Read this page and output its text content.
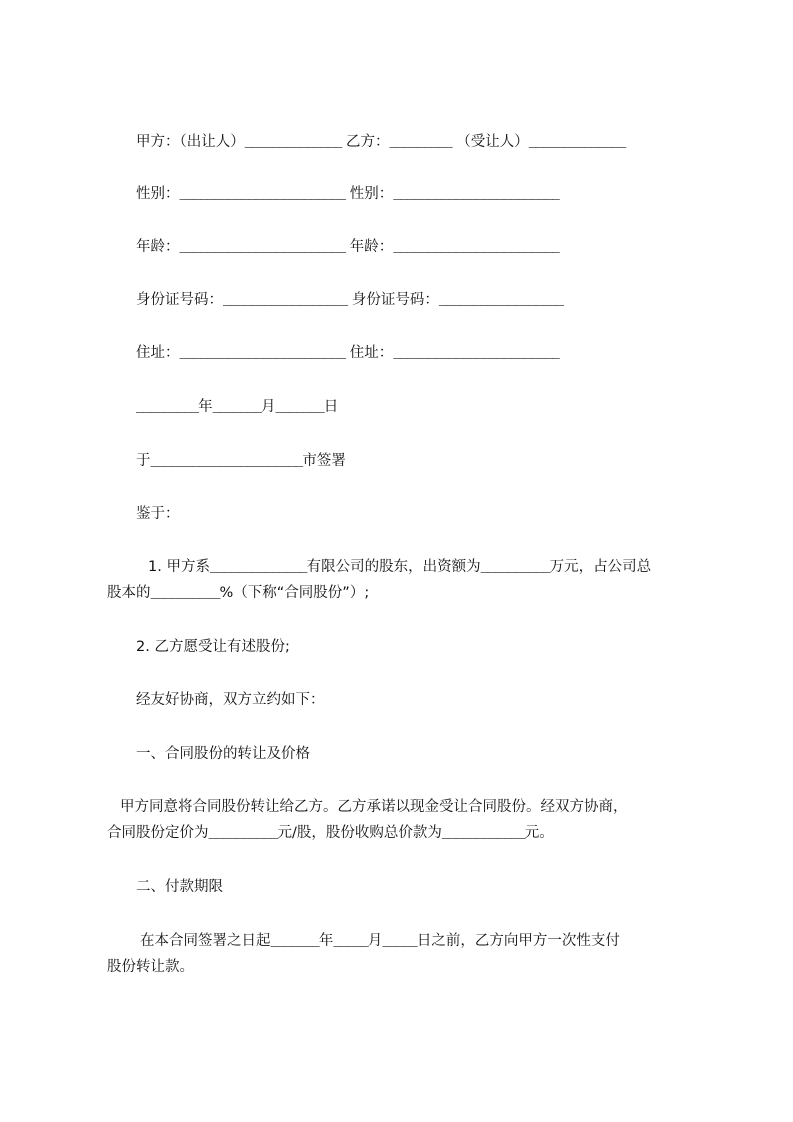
甲方：（出让人）______________ 乙方：_________ （受让人）______________
性别：________________________ 性别：________________________
年龄：________________________ 年龄：________________________
身份证号码：__________________ 身份证号码：__________________
住址：________________________ 住址：________________________
_________年_______月_______日
于______________________市签署
鉴于：
1. 甲方系______________有限公司的股东，出资额为__________万元，占公司总
股本的__________%（下称“合同股份”）;
2. 乙方愿受让有述股份;
经友好协商，双方立约如下：
一、合同股份的转让及价格
甲方同意将合同股份转让给乙方。乙方承诺以现金受让合同股份。经双方协商，
合同股份定价为__________元/股，股份收购总价款为____________元。
二、付款期限
在本合同签署之日起_______年_____月_____日之前，乙方向甲方一次性支付
股份转让款。
